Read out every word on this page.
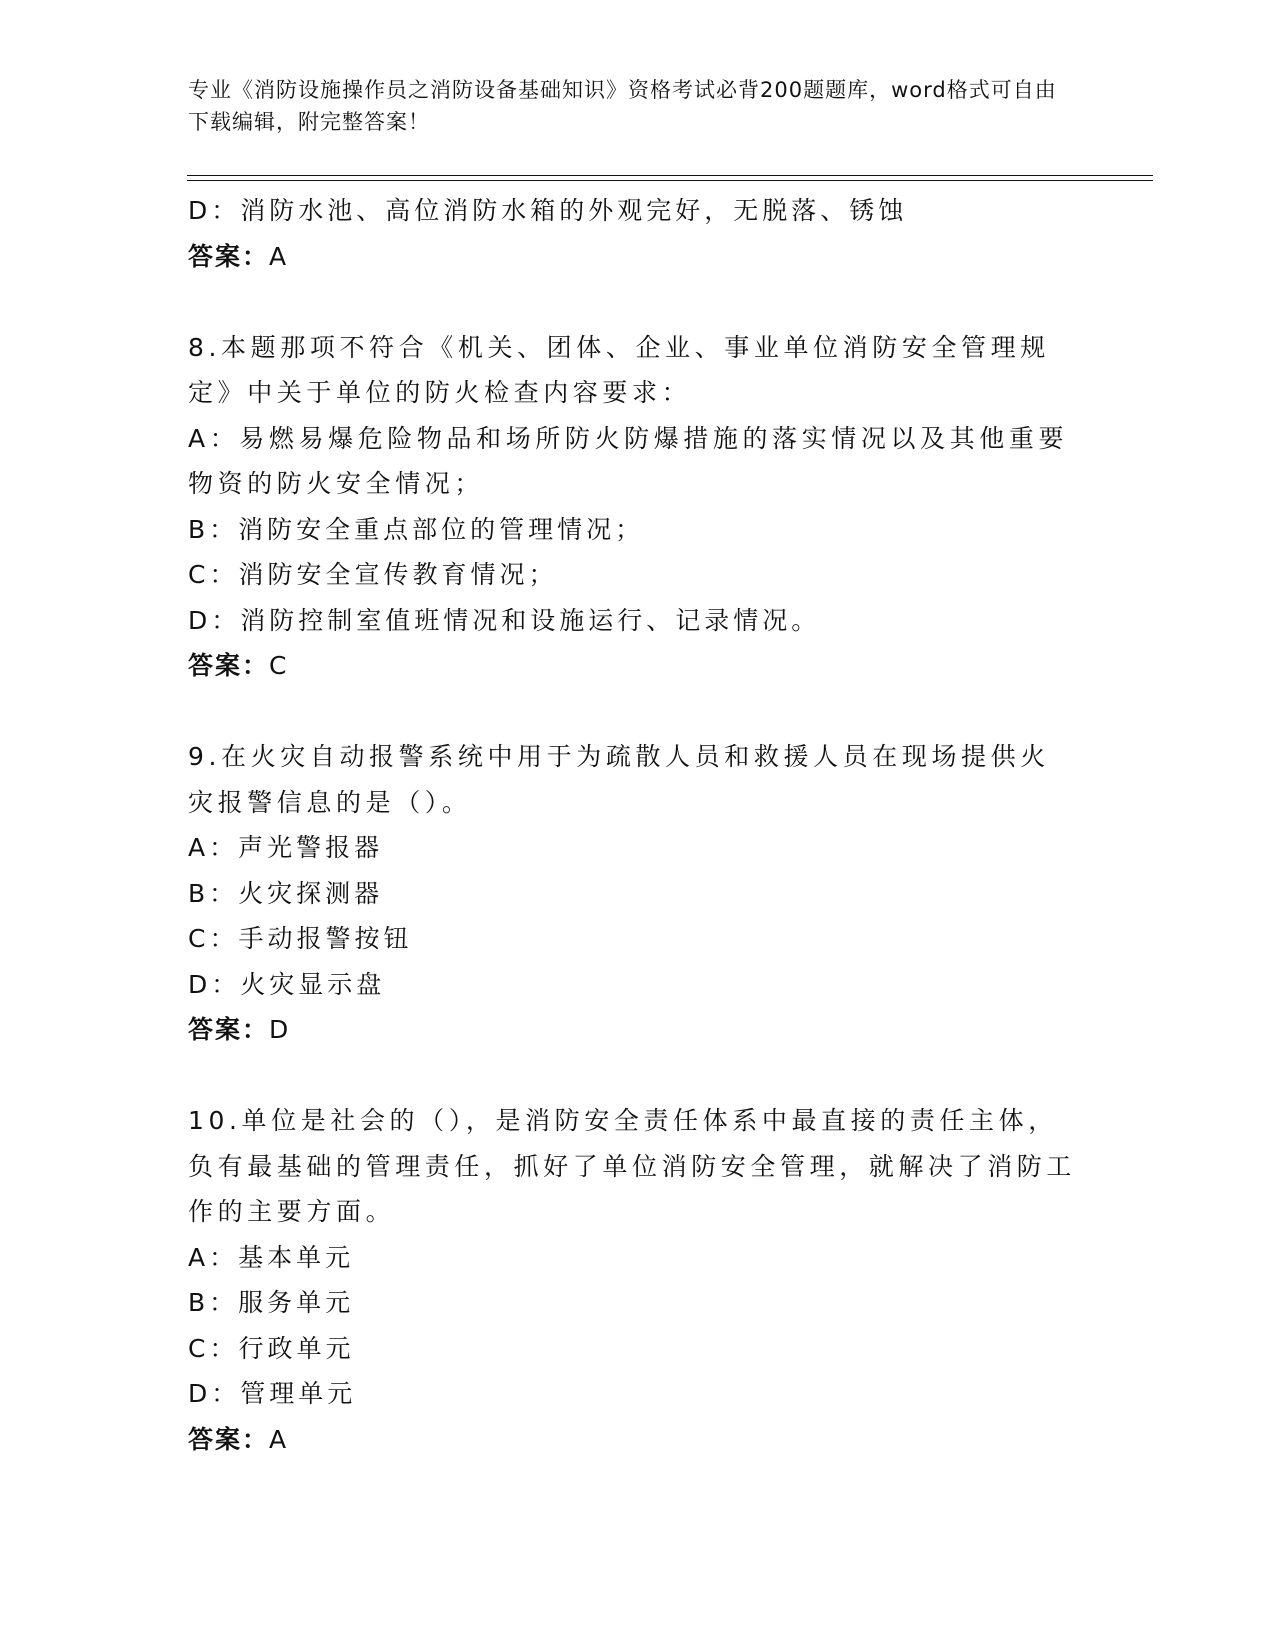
专业《消防设施操作员之消防设备基础知识》资格考试必背200题题库，word格式可自由下载编辑，附完整答案！
D：消防水池、高位消防水箱的外观完好，无脱落、锈蚀
答案：A
8.本题那项不符合《机关、团体、企业、事业单位消防安全管理规定》中关于单位的防火检查内容要求：
A：易燃易爆危险物品和场所防火防爆措施的落实情况以及其他重要物资的防火安全情况；
B：消防安全重点部位的管理情况；
C：消防安全宣传教育情况；
D：消防控制室值班情况和设施运行、记录情况。
答案：C
9.在火灾自动报警系统中用于为疏散人员和救援人员在现场提供火灾报警信息的是（）。
A：声光警报器
B：火灾探测器
C：手动报警按钮
D：火灾显示盘
答案：D
10.单位是社会的（），是消防安全责任体系中最直接的责任主体，负有最基础的管理责任，抓好了单位消防安全管理，就解决了消防工作的主要方面。
A：基本单元
B：服务单元
C：行政单元
D：管理单元
答案：A
